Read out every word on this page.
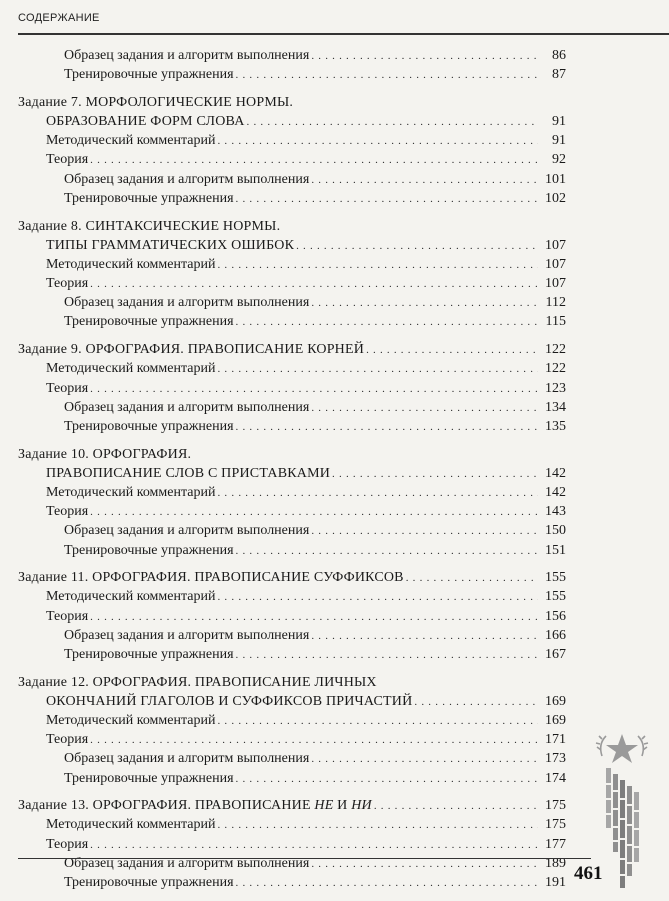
СОДЕРЖАНИЕ
Образец задания и алгоритм выполнения .....	86
Тренировочные упражнения .....	87
Задание 7. МОРФОЛОГИЧЕСКИЕ НОРМЫ.
ОБРАЗОВАНИЕ ФОРМ СЛОВА .....	91
Методический комментарий .....	91
Теория .....	92
Образец задания и алгоритм выполнения .....	101
Тренировочные упражнения .....	102
Задание 8. СИНТАКСИЧЕСКИЕ НОРМЫ.
ТИПЫ ГРАММАТИЧЕСКИХ ОШИБОК .....	107
Методический комментарий .....	107
Теория .....	107
Образец задания и алгоритм выполнения .....	112
Тренировочные упражнения .....	115
Задание 9. ОРФОГРАФИЯ. ПРАВОПИСАНИЕ КОРНЕЙ .....	122
Методический комментарий .....	122
Теория .....	123
Образец задания и алгоритм выполнения .....	134
Тренировочные упражнения .....	135
Задание 10. ОРФОГРАФИЯ.
ПРАВОПИСАНИЕ СЛОВ С ПРИСТАВКАМИ .....	142
Методический комментарий .....	142
Теория .....	143
Образец задания и алгоритм выполнения .....	150
Тренировочные упражнения .....	151
Задание 11. ОРФОГРАФИЯ. ПРАВОПИСАНИЕ СУФФИКСОВ .....	155
Методический комментарий .....	155
Теория .....	156
Образец задания и алгоритм выполнения .....	166
Тренировочные упражнения .....	167
Задание 12. ОРФОГРАФИЯ. ПРАВОПИСАНИЕ ЛИЧНЫХ
ОКОНЧАНИЙ ГЛАГОЛОВ И СУФФИКСОВ ПРИЧАСТИЙ .....	169
Методический комментарий .....	169
Теория .....	171
Образец задания и алгоритм выполнения .....	173
Тренировочные упражнения .....	174
Задание 13. ОРФОГРАФИЯ. ПРАВОПИСАНИЕ НЕ И НИ .....	175
Методический комментарий .....	175
Теория .....	177
Образец задания и алгоритм выполнения .....	189
Тренировочные упражнения .....	191 461
